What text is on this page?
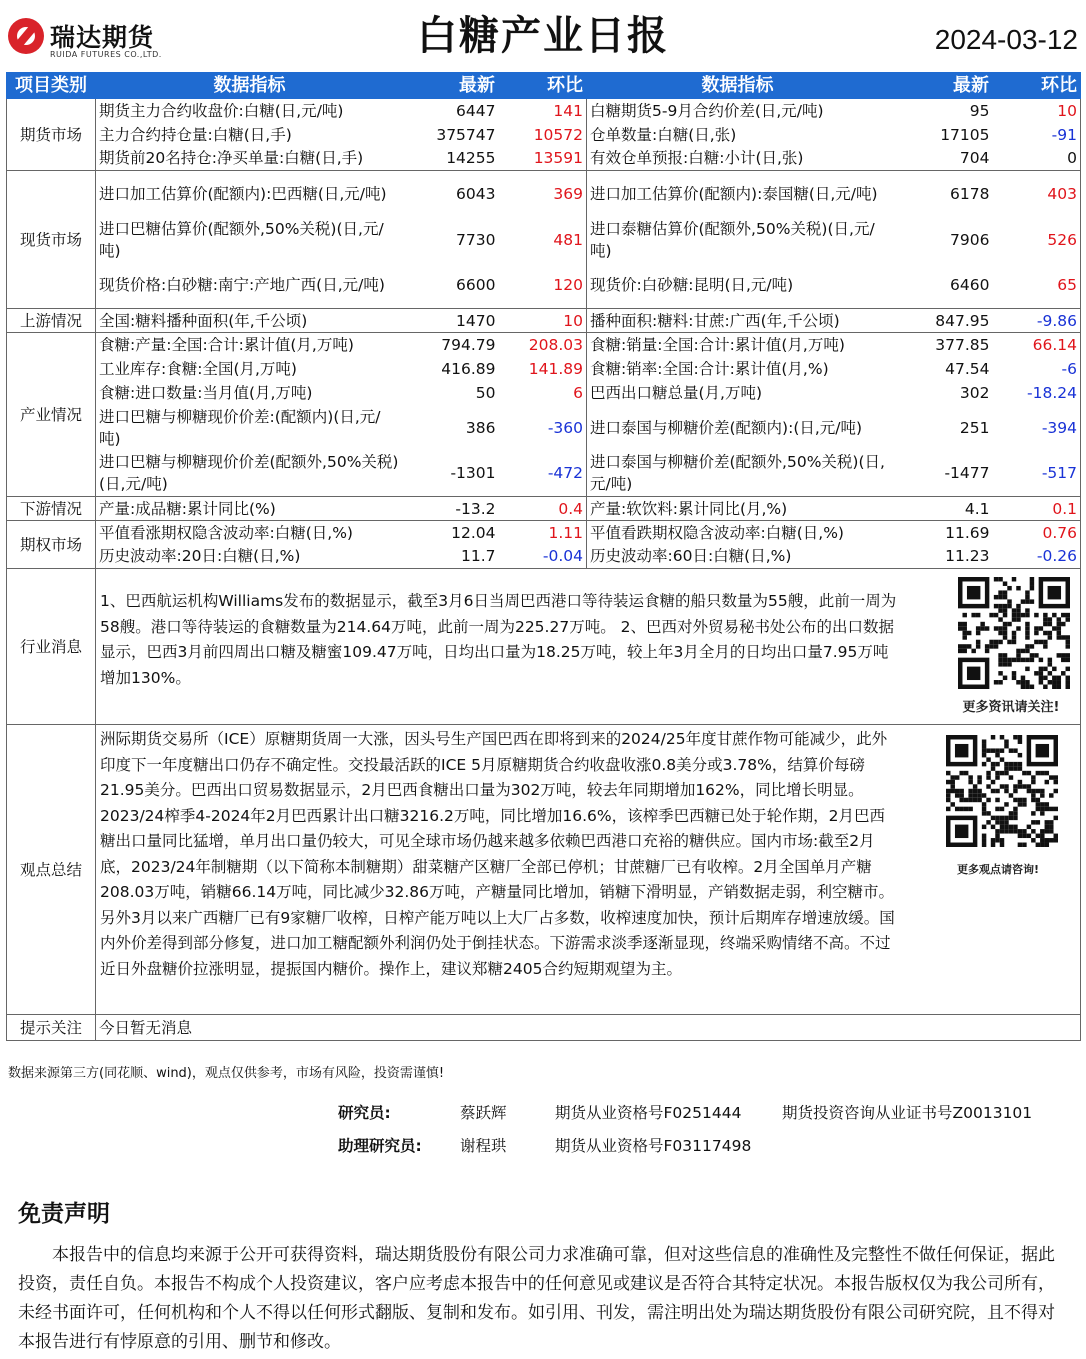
瑞达期货
RUIDA FUTURES CO.,LTD.	白糖产业日报	2024-03-12
项目类别	数据指标	最新	环比	数据指标	最新	环比
期货市场	期货主力合约收盘价:白糖(日,元/吨)	6447	141	白糖期货5-9月合约价差(日,元/吨)	95	10
	主力合约持仓量:白糖(日,手)	375747	10572	仓单数量:白糖(日,张)	17105	-91
	期货前20名持仓:净买单量:白糖(日,手)	14255	13591	有效仓单预报:白糖:小计(日,张)	704	0
现货市场	进口加工估算价(配额内):巴西糖(日,元/吨)	6043	369	进口加工估算价(配额内):泰国糖(日,元/吨)	6178	403
	进口巴糖估算价(配额外,50%关税)(日,元/吨)	7730	481	进口泰糖估算价(配额外,50%关税)(日,元/吨)	7906	526
	现货价格:白砂糖:南宁:产地广西(日,元/吨)	6600	120	现货价:白砂糖:昆明(日,元/吨)	6460	65
上游情况	全国:糖料播种面积(年,千公顷)	1470	10	播种面积:糖料:甘蔗:广西(年,千公顷)	847.95	-9.86
产业情况	食糖:产量:全国:合计:累计值(月,万吨)	794.79	208.03	食糖:销量:全国:合计:累计值(月,万吨)	377.85	66.14
	工业库存:食糖:全国(月,万吨)	416.89	141.89	食糖:销率:全国:合计:累计值(月,%)	47.54	-6
	食糖:进口数量:当月值(月,万吨)	50	6	巴西出口糖总量(月,万吨)	302	-18.24
	进口巴糖与柳糖现价价差:(配额内)(日,元/吨)	386	-360	进口泰国与柳糖价差(配额内):(日,元/吨)	251	-394
	进口巴糖与柳糖现价价差(配额外,50%关税)(日,元/吨)	-1301	-472	进口泰国与柳糖价差(配额外,50%关税)(日,元/吨)	-1477	-517
下游情况	产量:成品糖:累计同比(%)	-13.2	0.4	产量:软饮料:累计同比(月,%)	4.1	0.1
期权市场	平值看涨期权隐含波动率:白糖(日,%)	12.04	1.11	平值看跌期权隐含波动率:白糖(日,%)	11.69	0.76
	历史波动率:20日:白糖(日,%)	11.7	-0.04	历史波动率:60日:白糖(日,%)	11.23	-0.26
行业消息	1、巴西航运机构Williams发布的数据显示，截至3月6日当周巴西港口等待装运食糖的船只数量为55艘，此前一周为58艘。港口等待装运的食糖数量为214.64万吨，此前一周为225.27万吨。 2、巴西对外贸易秘书处公布的出口数据显示，巴西3月前四周出口糖及糖蜜109.47万吨，日均出口量为18.25万吨，较上年3月全月的日均出口量7.95万吨增加130%。
更多资讯请关注!					

观点总结	洲际期货交易所（ICE）原糖期货周一大涨，因头号生产国巴西在即将到来的2024/25年度甘蔗作物可能减少，此外印度下一年度糖出口仍存不确定性。交投最活跃的ICE 5月原糖期货合约收盘收涨0.8美分或3.78%，结算价每磅21.95美分。巴西出口贸易数据显示，2月巴西食糖出口量为302万吨，较去年同期增加162%，同比增长明显。2023/24榨季4-2024年2月巴西累计出口糖3216.2万吨，同比增加16.6%，该榨季巴西糖已处于轮作期，2月巴西糖出口量同比猛增，单月出口量仍较大，可见全球市场仍越来越多依赖巴西港口充裕的糖供应。国内市场:截至2月底，2023/24年制糖期（以下简称本制糖期）甜菜糖产区糖厂全部已停机；甘蔗糖厂已有收榨。2月全国单月产糖208.03万吨，销糖66.14万吨，同比减少32.86万吨，产糖量同比增加，销糖下滑明显，产销数据走弱，利空糖市。另外3月以来广西糖厂已有9家糖厂收榨，日榨产能万吨以上大厂占多数，收榨速度加快，预计后期库存增速放缓。国内外价差得到部分修复，进口加工糖配额外利润仍处于倒挂状态。下游需求淡季逐渐显现，终端采购情绪不高。不过近日外盘糖价拉涨明显，提振国内糖价。操作上，建议郑糖2405合约短期观望为主。
更多观点请咨询!					

提示关注	今日暂无消息					
数据来源第三方(同花顺、wind)，观点仅供参考，市场有风险，投资需谨慎!
研究员:	蔡跃辉	期货从业资格号F0251444	期货投资咨询从业证书号Z0013101
助理研究员: 谢程珙	期货从业资格号F03117498
免责声明
本报告中的信息均来源于公开可获得资料，瑞达期货股份有限公司力求准确可靠，但对这些信息的准确性及完整性不做任何保证，据此投资，责任自负。本报告不构成个人投资建议，客户应考虑本报告中的任何意见或建议是否符合其特定状况。本报告版权仅为我公司所有，未经书面许可，任何机构和个人不得以任何形式翻版、复制和发布。如引用、刊发，需注明出处为瑞达期货股份有限公司研究院，且不得对本报告进行有悖原意的引用、删节和修改。
